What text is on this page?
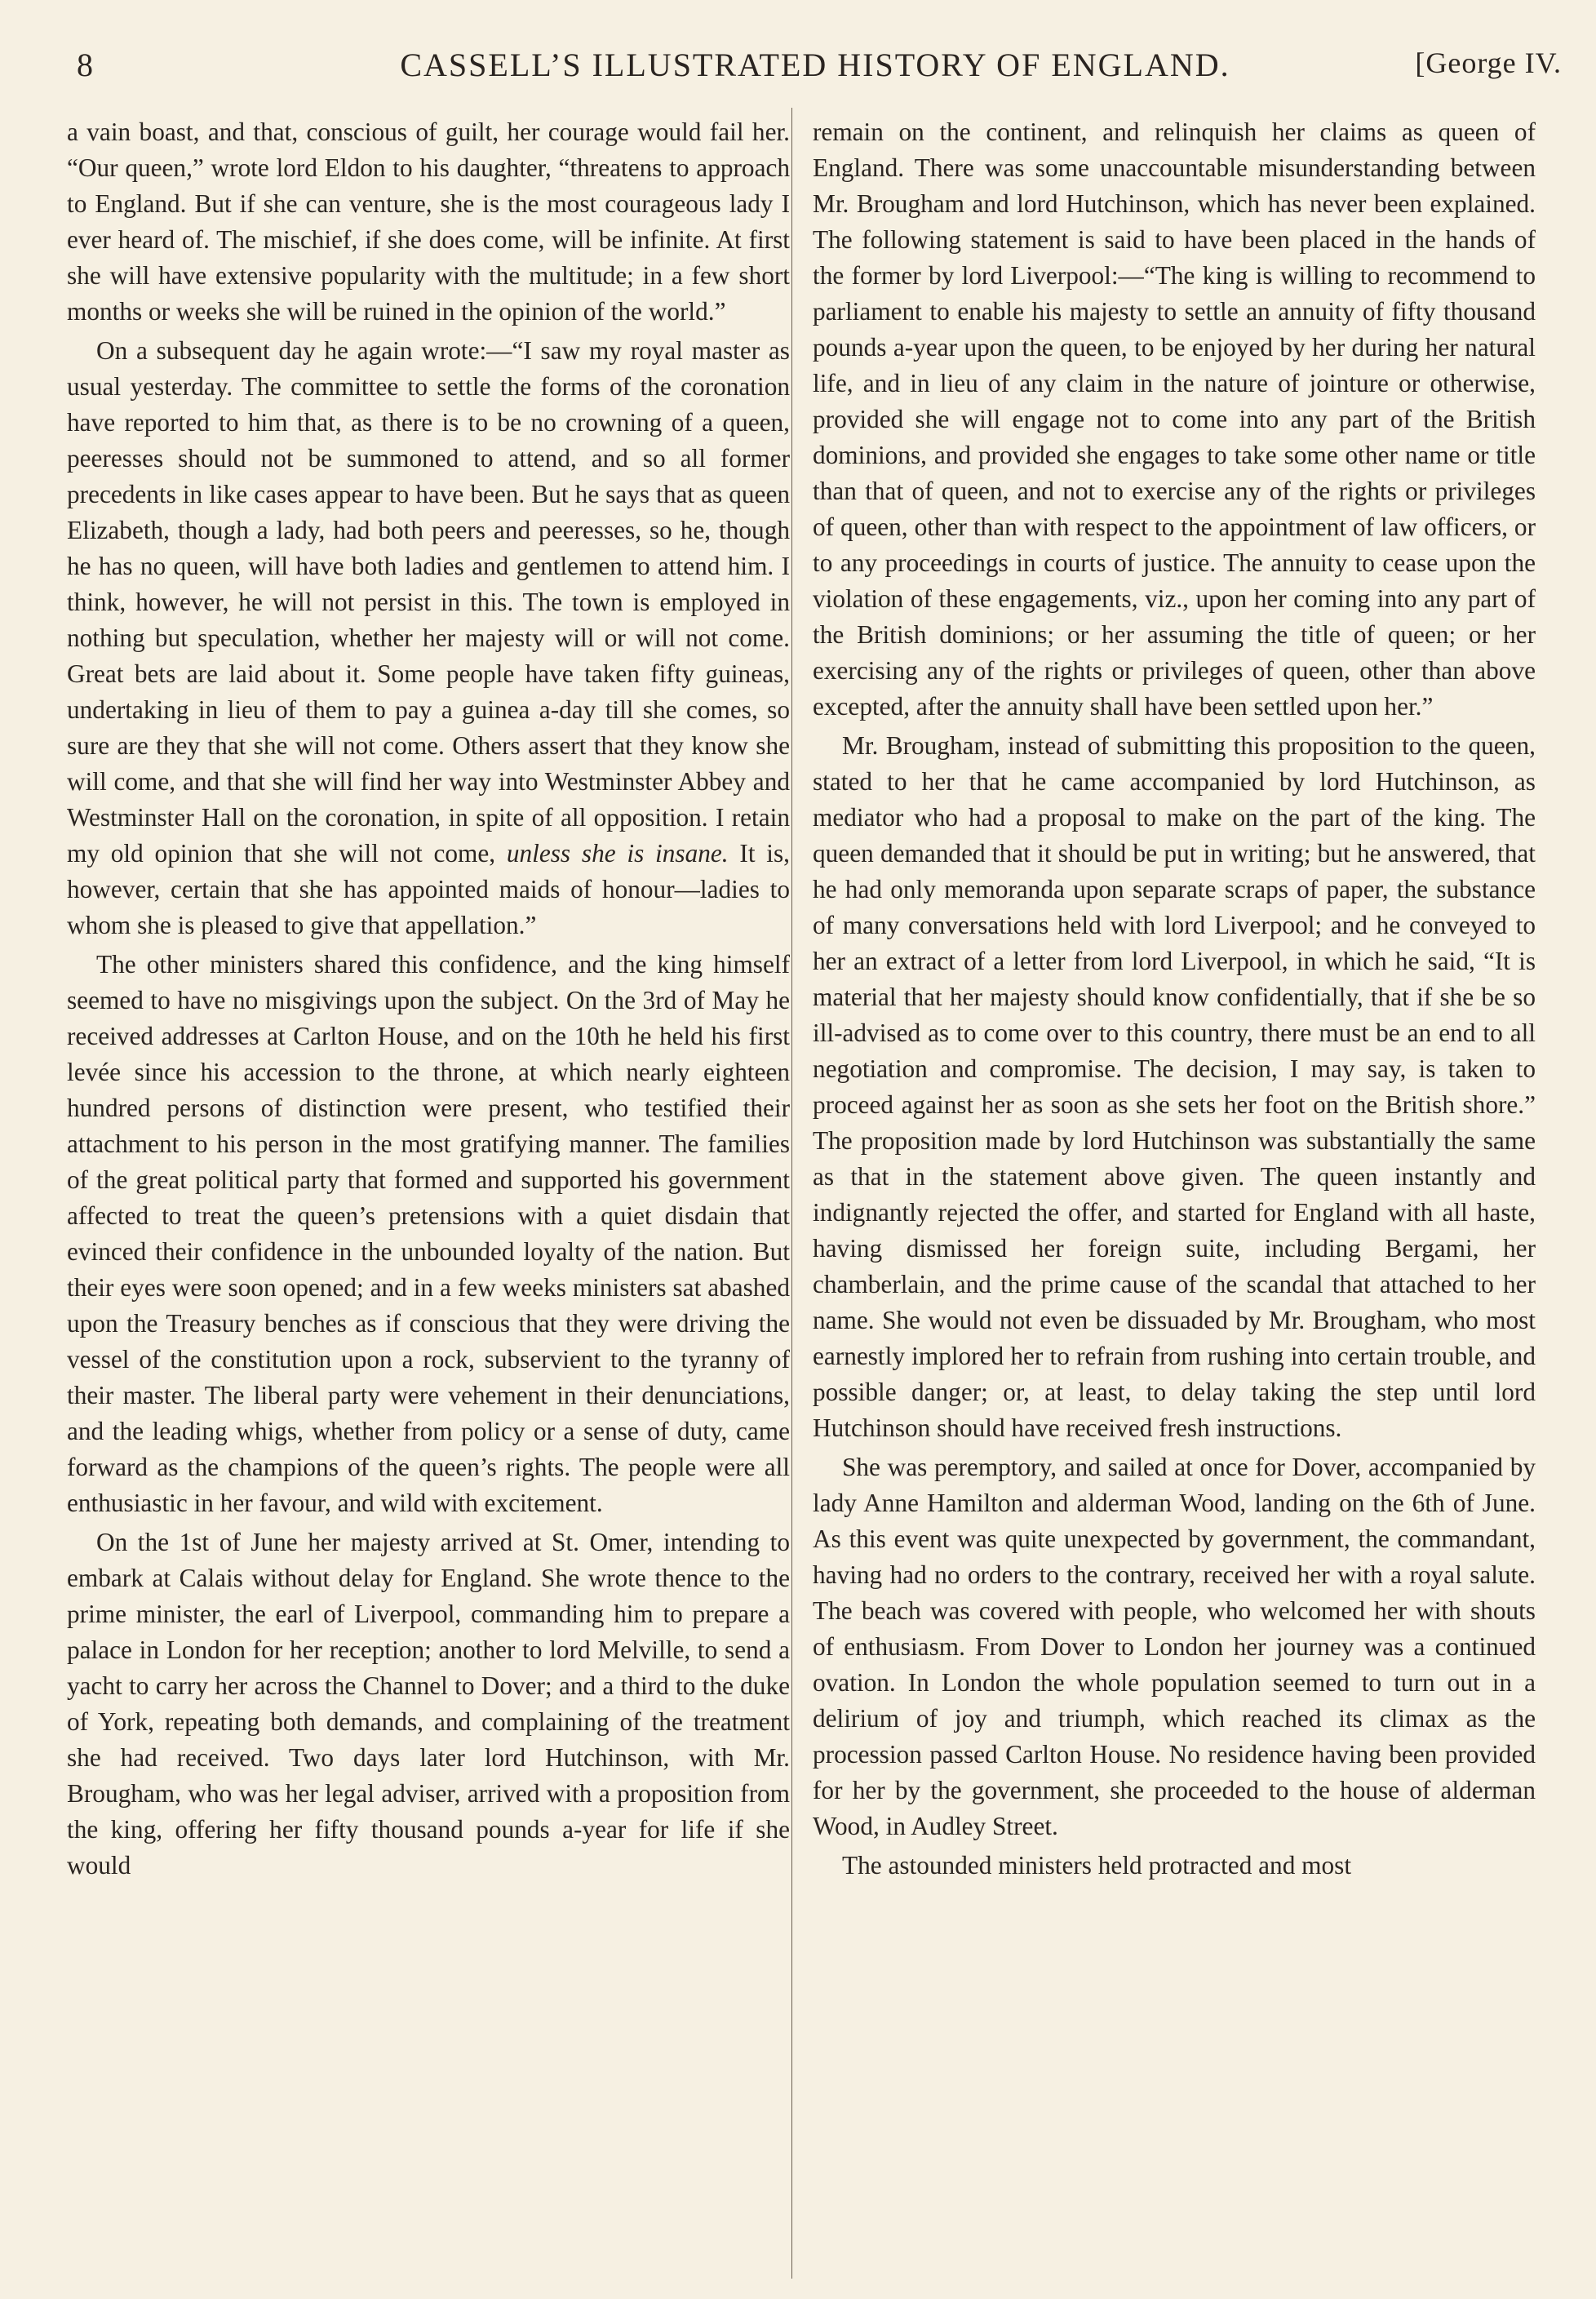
8	CASSELL’S ILLUSTRATED HISTORY OF ENGLAND.	[George IV.

a vain boast, and that, conscious of guilt, her courage would fail her. “Our queen,” wrote lord Eldon to his daughter, “threatens to approach to England. But if she can venture, she is the most courageous lady I ever heard of. The mischief, if she does come, will be infinite. At first she will have extensive popularity with the multitude; in a few short months or weeks she will be ruined in the opinion of the world.”

On a subsequent day he again wrote:—“I saw my royal master as usual yesterday. The committee to settle the forms of the coronation have reported to him that, as there is to be no crowning of a queen, peeresses should not be summoned to attend, and so all former precedents in like cases appear to have been. But he says that as queen Elizabeth, though a lady, had both peers and peeresses, so he, though he has no queen, will have both ladies and gentlemen to attend him. I think, however, he will not persist in this. The town is employed in nothing but speculation, whether her majesty will or will not come. Great bets are laid about it. Some people have taken fifty guineas, undertaking in lieu of them to pay a guinea a-day till she comes, so sure are they that she will not come. Others assert that they know she will come, and that she will find her way into Westminster Abbey and Westminster Hall on the coronation, in spite of all opposition. I retain my old opinion that she will not come, unless she is insane. It is, however, certain that she has appointed maids of honour—ladies to whom she is pleased to give that appellation.”

The other ministers shared this confidence, and the king himself seemed to have no misgivings upon the subject. On the 3rd of May he received addresses at Carlton House, and on the 10th he held his first levée since his accession to the throne, at which nearly eighteen hundred persons of distinction were present, who testified their attachment to his person in the most gratifying manner. The families of the great political party that formed and supported his government affected to treat the queen’s pretensions with a quiet disdain that evinced their confidence in the unbounded loyalty of the nation. But their eyes were soon opened; and in a few weeks ministers sat abashed upon the Treasury benches as if conscious that they were driving the vessel of the constitution upon a rock, subservient to the tyranny of their master. The liberal party were vehement in their denunciations, and the leading whigs, whether from policy or a sense of duty, came forward as the champions of the queen’s rights. The people were all enthusiastic in her favour, and wild with excitement.

On the 1st of June her majesty arrived at St. Omer, intending to embark at Calais without delay for England. She wrote thence to the prime minister, the earl of Liverpool, commanding him to prepare a palace in London for her reception; another to lord Melville, to send a yacht to carry her across the Channel to Dover; and a third to the duke of York, repeating both demands, and complaining of the treatment she had received. Two days later lord Hutchinson, with Mr. Brougham, who was her legal adviser, arrived with a proposition from the king, offering her fifty thousand pounds a-year for life if she would

remain on the continent, and relinquish her claims as queen of England. There was some unaccountable misunderstanding between Mr. Brougham and lord Hutchinson, which has never been explained. The following statement is said to have been placed in the hands of the former by lord Liverpool:—“The king is willing to recommend to parliament to enable his majesty to settle an annuity of fifty thousand pounds a-year upon the queen, to be enjoyed by her during her natural life, and in lieu of any claim in the nature of jointure or otherwise, provided she will engage not to come into any part of the British dominions, and provided she engages to take some other name or title than that of queen, and not to exercise any of the rights or privileges of queen, other than with respect to the appointment of law officers, or to any proceedings in courts of justice. The annuity to cease upon the violation of these engagements, viz., upon her coming into any part of the British dominions; or her assuming the title of queen; or her exercising any of the rights or privileges of queen, other than above excepted, after the annuity shall have been settled upon her.”

Mr. Brougham, instead of submitting this proposition to the queen, stated to her that he came accompanied by lord Hutchinson, as mediator who had a proposal to make on the part of the king. The queen demanded that it should be put in writing; but he answered, that he had only memoranda upon separate scraps of paper, the substance of many conversations held with lord Liverpool; and he conveyed to her an extract of a letter from lord Liverpool, in which he said, “It is material that her majesty should know confidentially, that if she be so ill-advised as to come over to this country, there must be an end to all negotiation and compromise. The decision, I may say, is taken to proceed against her as soon as she sets her foot on the British shore.” The proposition made by lord Hutchinson was substantially the same as that in the statement above given. The queen instantly and indignantly rejected the offer, and started for England with all haste, having dismissed her foreign suite, including Bergami, her chamberlain, and the prime cause of the scandal that attached to her name. She would not even be dissuaded by Mr. Brougham, who most earnestly implored her to refrain from rushing into certain trouble, and possible danger; or, at least, to delay taking the step until lord Hutchinson should have received fresh instructions.

She was peremptory, and sailed at once for Dover, accompanied by lady Anne Hamilton and alderman Wood, landing on the 6th of June. As this event was quite unexpected by government, the commandant, having had no orders to the contrary, received her with a royal salute. The beach was covered with people, who welcomed her with shouts of enthusiasm. From Dover to London her journey was a continued ovation. In London the whole population seemed to turn out in a delirium of joy and triumph, which reached its climax as the procession passed Carlton House. No residence having been provided for her by the government, she proceeded to the house of alderman Wood, in Audley Street.

The astounded ministers held protracted and most
